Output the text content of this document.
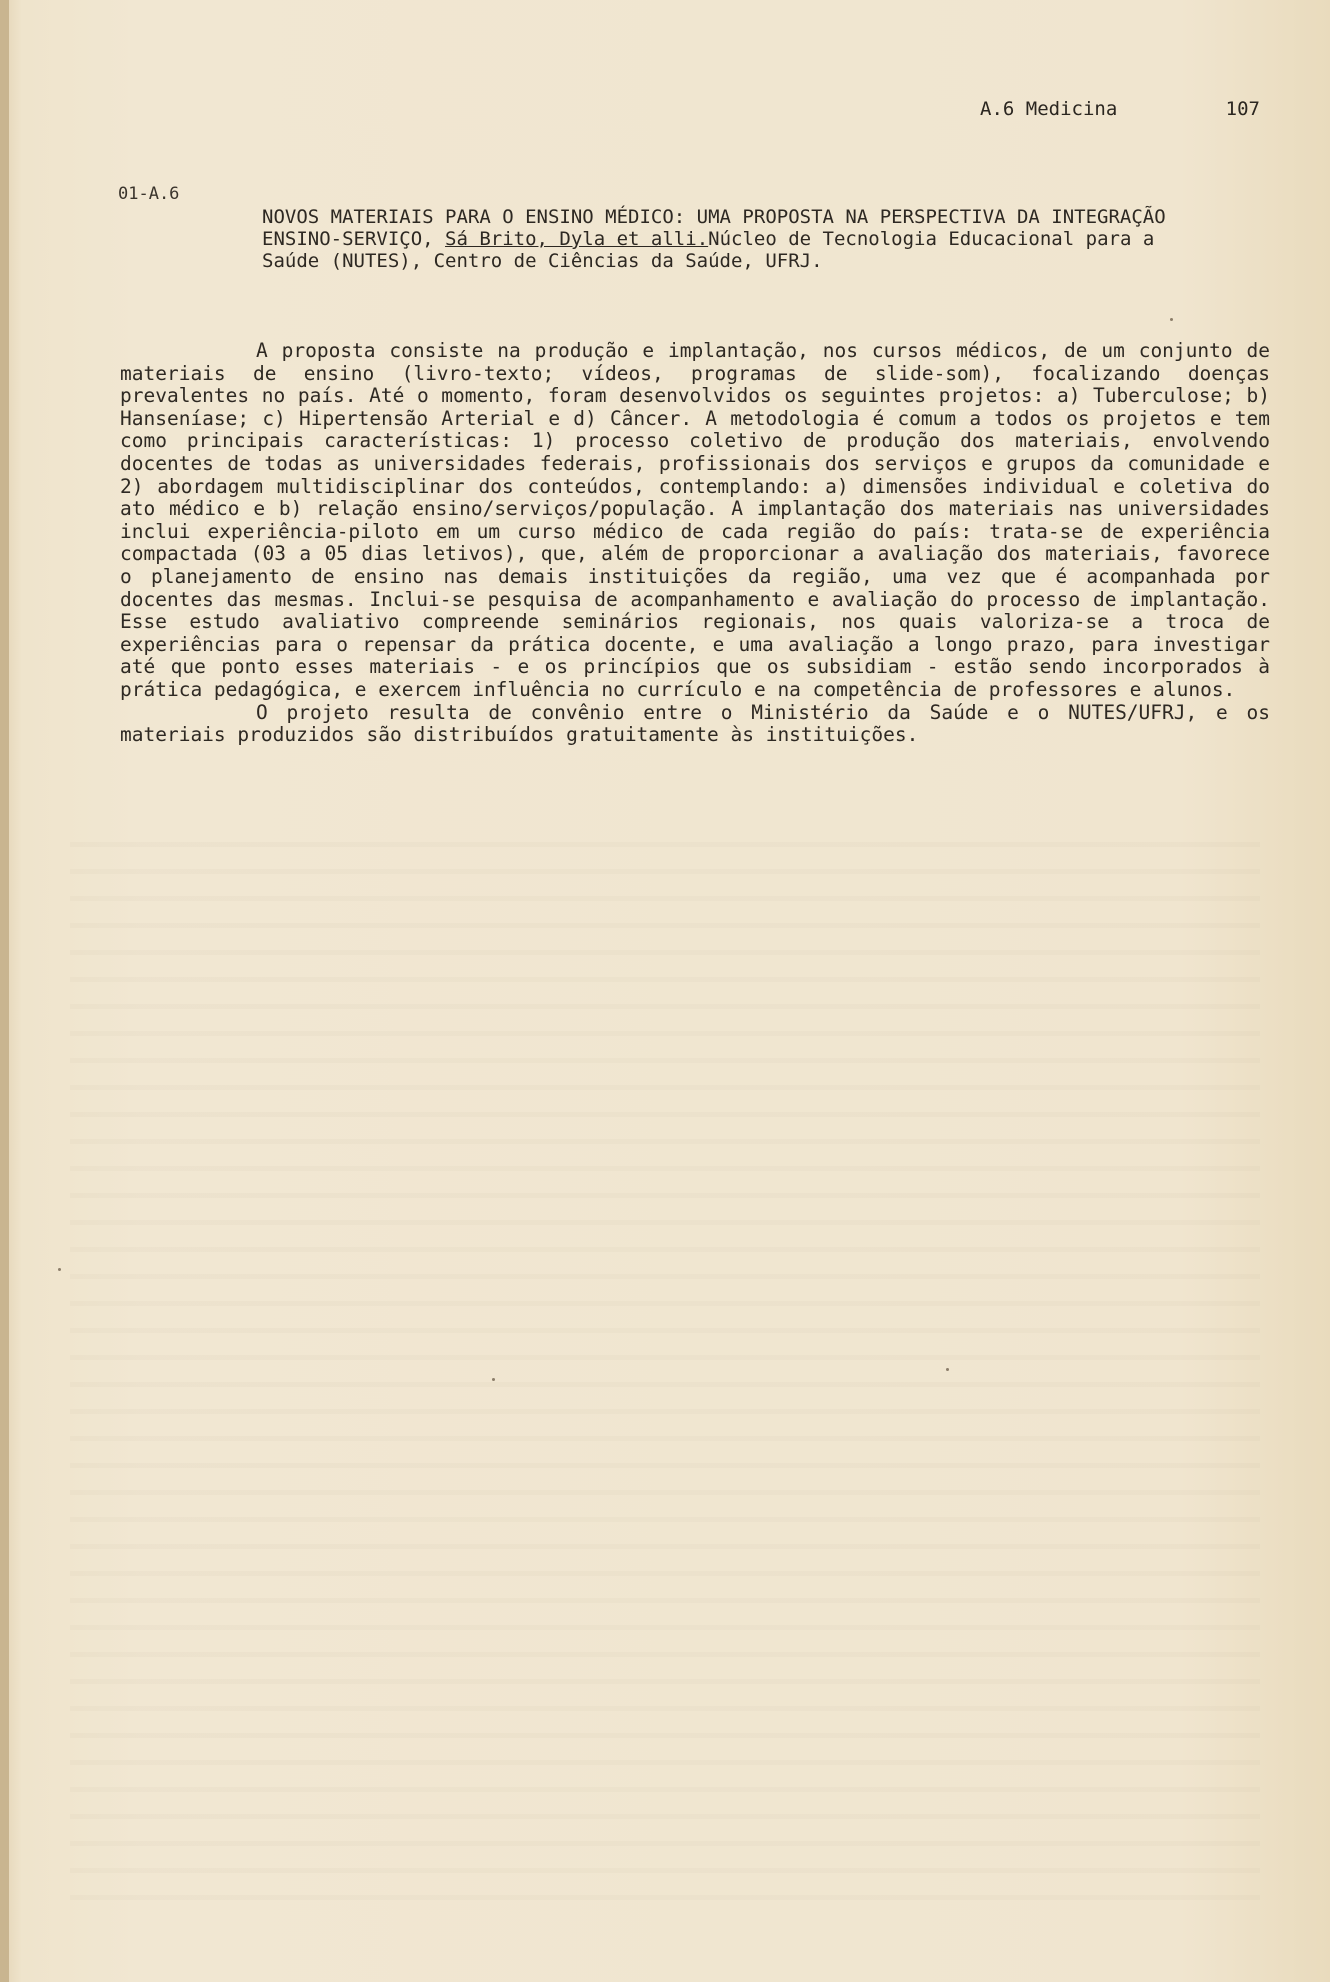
A.6 Medicina	107
01-A.6
NOVOS MATERIAIS PARA O ENSINO MÉDICO: UMA PROPOSTA NA PERSPECTIVA DA INTEGRAÇÃO
ENSINO-SERVIÇO, Sá Brito, Dyla et alli.Núcleo de Tecnologia Educacional para a
Saúde (NUTES), Centro de Ciências da Saúde, UFRJ.

A proposta consiste na produção e implantação, nos cursos médicos, de um conjunto de materiais de ensino (livro-texto; vídeos, programas de slide-som), focalizando doenças prevalentes no país. Até o momento, foram desenvolvidos os seguintes projetos: a) Tuberculose; b) Hanseníase; c) Hipertensão Arterial e d) Câncer. A metodologia é comum a todos os projetos e tem como principais características: 1) processo coletivo de produção dos materiais, envolvendo docentes de todas as universidades federais, profissionais dos serviços e grupos da comunidade e 2) abordagem multidisciplinar dos conteúdos, contemplando: a) dimensões individual e coletiva do ato médico e b) relação ensino/serviços/população. A implantação dos materiais nas universidades inclui experiência-piloto em um curso médico de cada região do país: trata-se de experiência compactada (03 a 05 dias letivos), que, além de proporcionar a avaliação dos materiais, favorece o planejamento de ensino nas demais instituições da região, uma vez que é acompanhada por docentes das mesmas. Inclui-se pesquisa de acompanhamento e avaliação do processo de implantação. Esse estudo avaliativo compreende seminários regionais, nos quais valoriza-se a troca de experiências para o repensar da prática docente, e uma avaliação a longo prazo, para investigar até que ponto esses materiais - e os princípios que os subsidiam - estão sendo incorporados à prática pedagógica, e exercem influência no currículo e na competência de professores e alunos.

O projeto resulta de convênio entre o Ministério da Saúde e o NUTES/UFRJ, e os materiais produzidos são distribuídos gratuitamente às instituições.
